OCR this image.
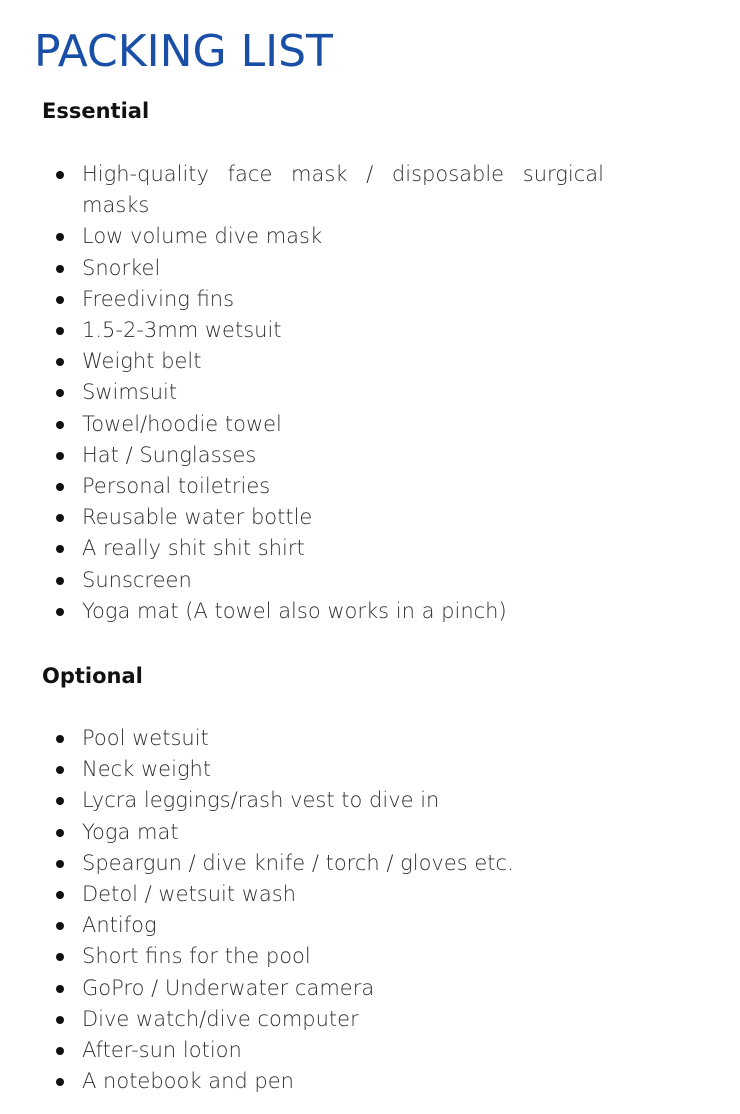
PACKING LIST
Essential
High-quality face mask / disposable surgical masks
Low volume dive mask
Snorkel
Freediving fins
1.5-2-3mm wetsuit
Weight belt
Swimsuit
Towel/hoodie towel
Hat / Sunglasses
Personal toiletries
Reusable water bottle
A really shit shit shirt
Sunscreen
Yoga mat (A towel also works in a pinch)
Optional
Pool wetsuit
Neck weight
Lycra leggings/rash vest to dive in
Yoga mat
Speargun / dive knife / torch / gloves etc.
Detol / wetsuit wash
Antifog
Short fins for the pool
GoPro / Underwater camera
Dive watch/dive computer
After-sun lotion
A notebook and pen
